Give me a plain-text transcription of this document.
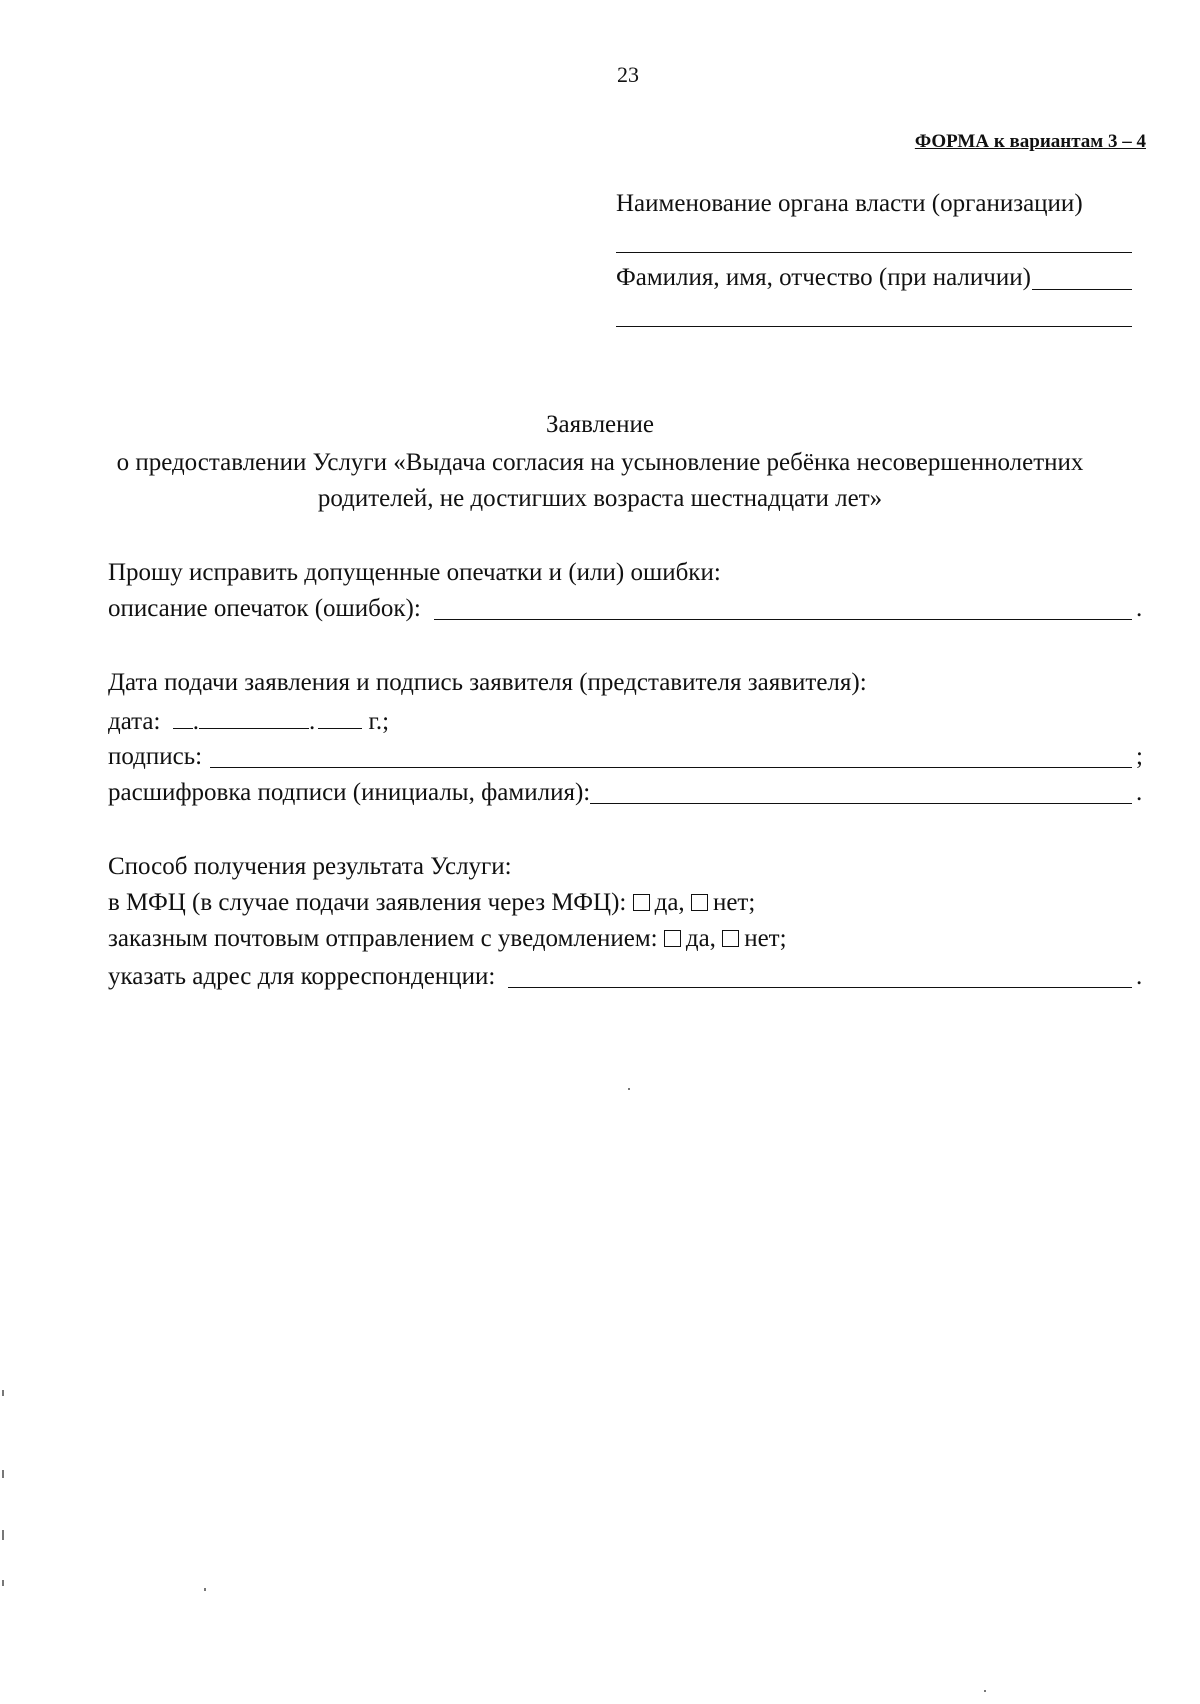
23
ФОРМА к вариантам 3 – 4
Наименование органа власти (организации)
Фамилия, имя, отчество (при наличии)
Заявление
о предоставлении Услуги «Выдача согласия на усыновление ребёнка несовершеннолетних
родителей, не достигших возраста шестнадцати лет»
Прошу исправить допущенные опечатки и (или) ошибки:
описание опечаток (ошибок):	.
Дата подачи заявления и подпись заявителя (представителя заявителя):
дата: .	. г.;
подпись:	;
расшифровка подписи (инициалы, фамилия):	.
Способ получения результата Услуги:
в МФЦ (в случае подачи заявления через МФЦ): да, нет;
заказным почтовым отправлением с уведомлением: да, нет;
указать адрес для корреспонденции:	.
